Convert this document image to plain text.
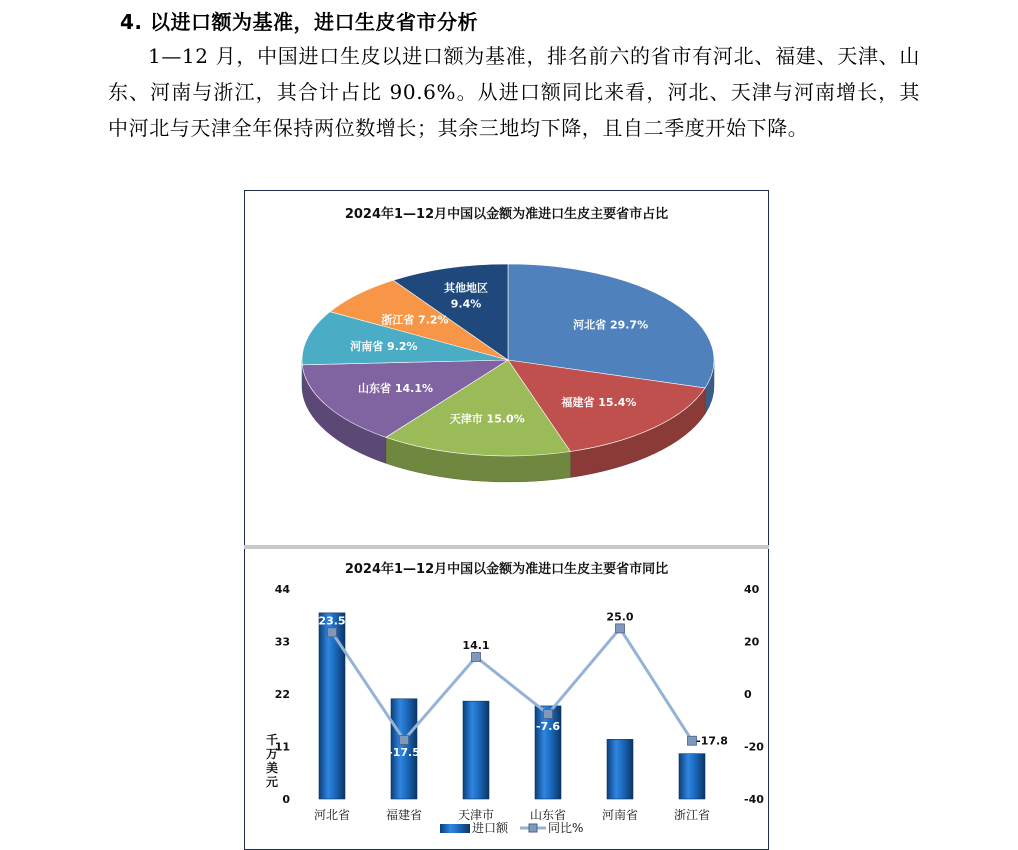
4. 以进口额为基准，进口生皮省市分析
1—12 月，中国进口生皮以进口额为基准，排名前六的省市有河北、福建、天津、山东、河南与浙江，其合计占比 90.6%。从进口额同比来看，河北、天津与河南增长，其中河北与天津全年保持两位数增长；其余三地均下降，且自二季度开始下降。
2024年1—12月中国以金额为准进口生皮主要省市占比
河北省 29.7%
福建省 15.4%
天津市 15.0%
山东省 14.1%
河南省 9.2%
浙江省 7.2%
其他地区 9.4%
2024年1—12月中国以金额为准进口生皮主要省市同比
0
11
22
33
44
-40
-20
0
20
40
千万美元
河北省	福建省	天津市	山东省	河南省	浙江省
23.5
-17.5
14.1
-7.6
25.0
-17.8
进口额	同比%
